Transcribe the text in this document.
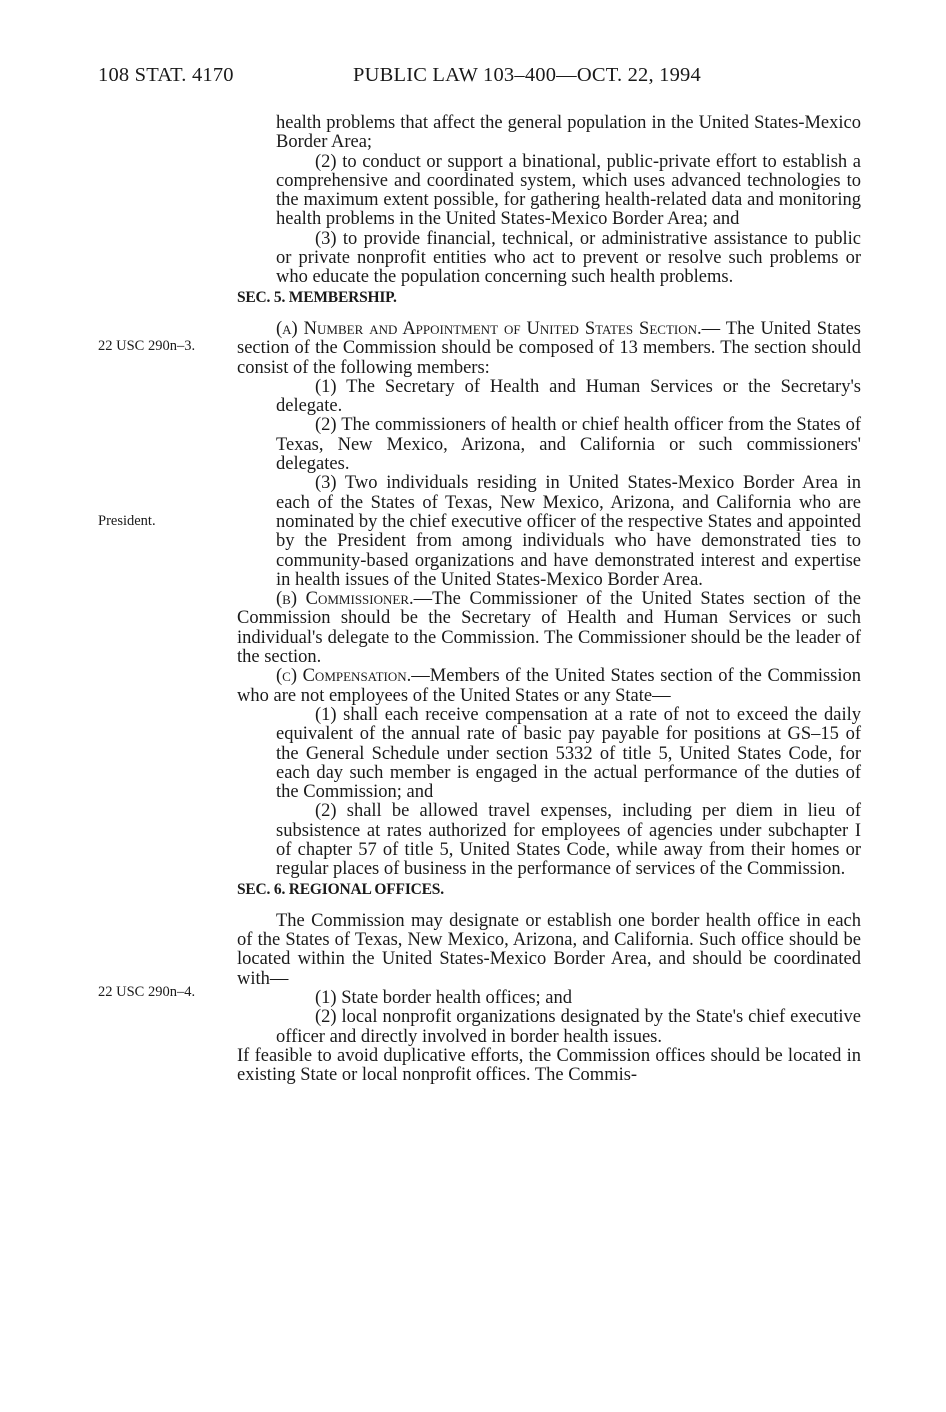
108 STAT. 4170	PUBLIC LAW 103–400—OCT. 22, 1994
22 USC 290n–3.
President.
22 USC 290n–4.

health problems that affect the general population in the United States-Mexico Border Area;

(2) to conduct or support a binational, public-private effort to establish a comprehensive and coordinated system, which uses advanced technologies to the maximum extent possible, for gathering health-related data and monitoring health problems in the United States-Mexico Border Area; and

(3) to provide financial, technical, or administrative assistance to public or private nonprofit entities who act to prevent or resolve such problems or who educate the population concerning such health problems.

SEC. 5. MEMBERSHIP.

(a) Number and Appointment of United States Section.— The United States section of the Commission should be composed of 13 members. The section should consist of the following members:

(1) The Secretary of Health and Human Services or the Secretary's delegate.

(2) The commissioners of health or chief health officer from the States of Texas, New Mexico, Arizona, and California or such commissioners' delegates.

(3) Two individuals residing in United States-Mexico Border Area in each of the States of Texas, New Mexico, Arizona, and California who are nominated by the chief executive officer of the respective States and appointed by the President from among individuals who have demonstrated ties to community-based organizations and have demonstrated interest and expertise in health issues of the United States-Mexico Border Area.

(b) Commissioner.—The Commissioner of the United States section of the Commission should be the Secretary of Health and Human Services or such individual's delegate to the Commission. The Commissioner should be the leader of the section.

(c) Compensation.—Members of the United States section of the Commission who are not employees of the United States or any State—

(1) shall each receive compensation at a rate of not to exceed the daily equivalent of the annual rate of basic pay payable for positions at GS–15 of the General Schedule under section 5332 of title 5, United States Code, for each day such member is engaged in the actual performance of the duties of the Commission; and

(2) shall be allowed travel expenses, including per diem in lieu of subsistence at rates authorized for employees of agencies under subchapter I of chapter 57 of title 5, United States Code, while away from their homes or regular places of business in the performance of services of the Commission.

SEC. 6. REGIONAL OFFICES.

The Commission may designate or establish one border health office in each of the States of Texas, New Mexico, Arizona, and California. Such office should be located within the United States-Mexico Border Area, and should be coordinated with—

(1) State border health offices; and

(2) local nonprofit organizations designated by the State's chief executive officer and directly involved in border health issues.

If feasible to avoid duplicative efforts, the Commission offices should be located in existing State or local nonprofit offices. The Commis-
